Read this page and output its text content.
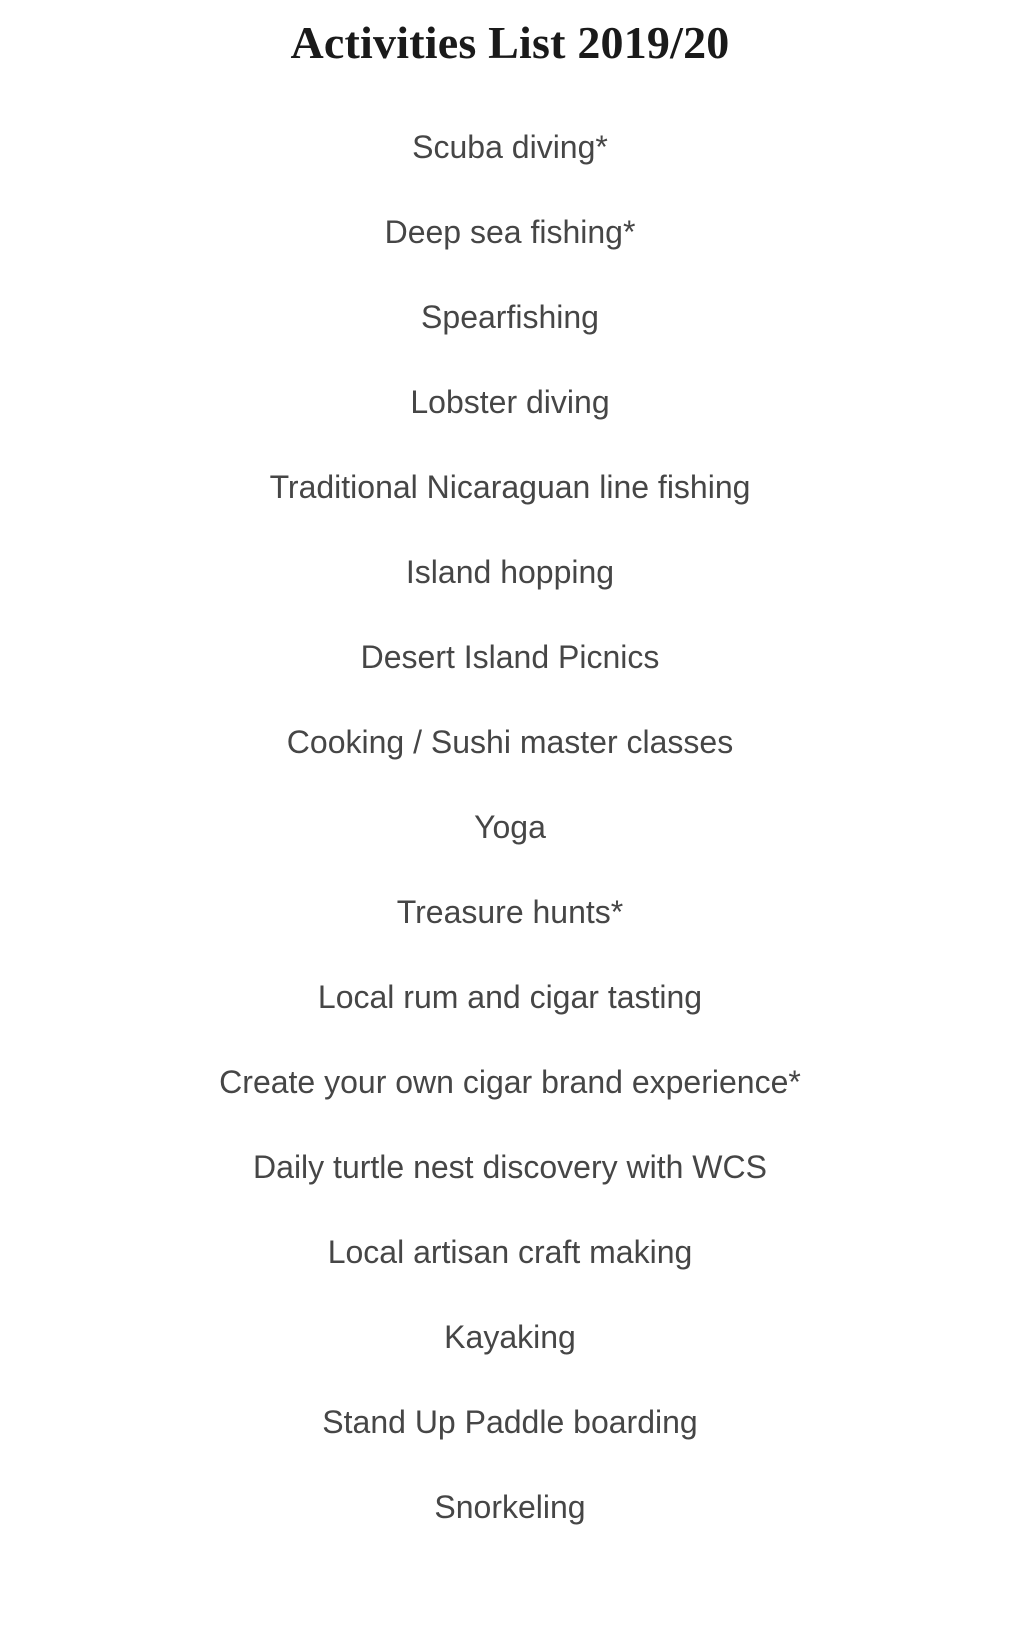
Activities List 2019/20
Scuba diving*
Deep sea fishing*
Spearfishing
Lobster diving
Traditional Nicaraguan line fishing
Island hopping
Desert Island Picnics
Cooking / Sushi master classes
Yoga
Treasure hunts*
Local rum and cigar tasting
Create your own cigar brand experience*
Daily turtle nest discovery with WCS
Local artisan craft making
Kayaking
Stand Up Paddle boarding
Snorkeling
